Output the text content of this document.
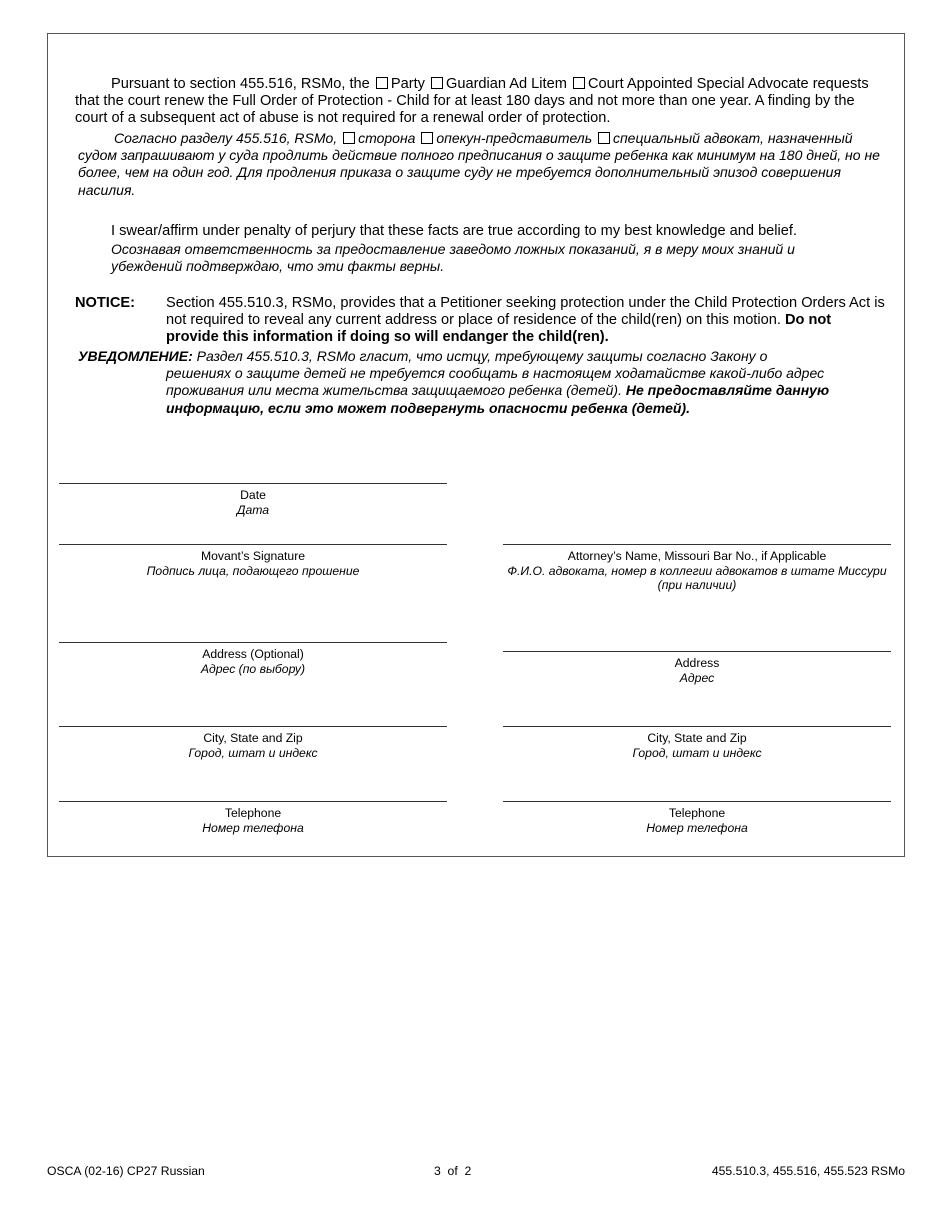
Pursuant to section 455.516, RSMo, the Party Guardian Ad Litem Court Appointed Special Advocate requests that the court renew the Full Order of Protection - Child for at least 180 days and not more than one year. A finding by the court of a subsequent act of abuse is not required for a renewal order of protection.
Согласно разделу 455.516, RSMo, сторона опекун-представитель специальный адвокат, назначенный судом запрашивают у суда продлить действие полного предписания о защите ребенка как минимум на 180 дней, но не более, чем на один год. Для продления приказа о защите суду не требуется дополнительный эпизод совершения насилия.
I swear/affirm under penalty of perjury that these facts are true according to my best knowledge and belief.
Осознавая ответственность за предоставление заведомо ложных показаний, я в меру моих знаний и убеждений подтверждаю, что эти факты верны.
NOTICE: Section 455.510.3, RSMo, provides that a Petitioner seeking protection under the Child Protection Orders Act is not required to reveal any current address or place of residence of the child(ren) on this motion. Do not provide this information if doing so will endanger the child(ren).
УВЕДОМЛЕНИЕ: Раздел 455.510.3, RSMo гласит, что истцу, требующему защиты согласно Закону о
решениях о защите детей не требуется сообщать в настоящем ходатайстве какой-либо адрес проживания или места жительства защищаемого ребенка (детей). Не предоставляйте данную информацию, если это может подвергнуть опасности ребенка (детей).
Date
Дата
Movant’s Signature
Подпись лица, подающего прошение
Address (Optional)
Адрес (по выбору)
City, State and Zip
Город, штат и индекс
Telephone
Номер телефона
Attorney’s Name, Missouri Bar No., if Applicable
Ф.И.О. адвоката, номер в коллегии адвокатов в штате Миссури (при наличии)
Address
Адрес
City, State and Zip
Город, штат и индекс
Telephone
Номер телефона
OSCA (02-16) CP27 Russian	3  of  2	455.510.3, 455.516, 455.523 RSMo
